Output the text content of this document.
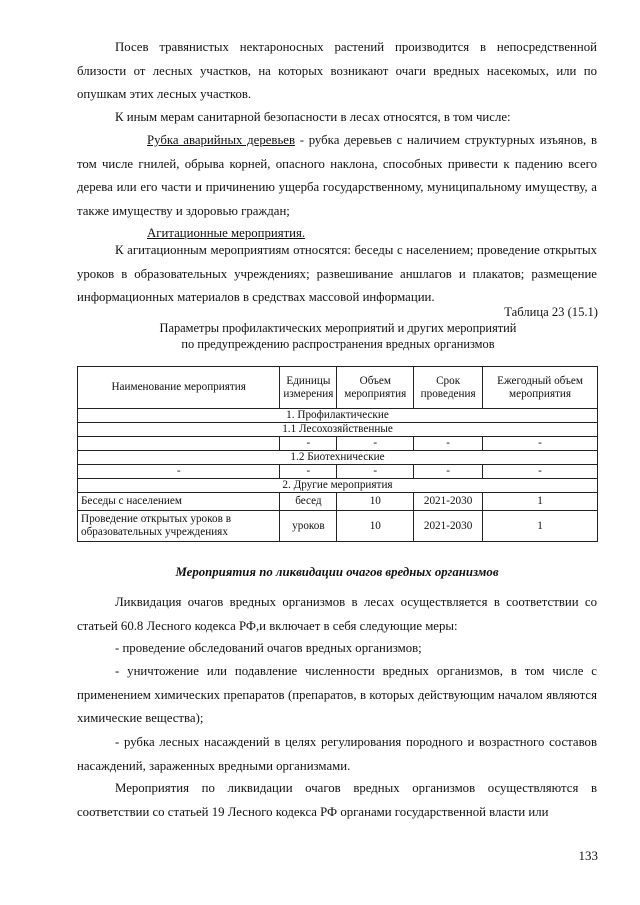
Посев травянистых нектароносных растений производится в непосредственной близости от лесных участков, на которых возникают очаги вредных насекомых, или по опушкам этих лесных участков.
К иным мерам санитарной безопасности в лесах относятся, в том числе:
Рубка аварийных деревьев - рубка деревьев с наличием структурных изъянов, в том числе гнилей, обрыва корней, опасного наклона, способных привести к падению всего дерева или его части и причинению ущерба государственному, муниципальному имуществу, а также имуществу и здоровью граждан;
Агитационные мероприятия.
К агитационным мероприятиям относятся: беседы с населением; проведение открытых уроков в образовательных учреждениях; развешивание аншлагов и плакатов; размещение информационных материалов в средствах массовой информации.
Таблица 23 (15.1)
Параметры профилактических мероприятий и других мероприятий
по предупреждению распространения вредных организмов
Наименование мероприятия	Единицы измерения	Объем мероприятия	Срок проведения	Ежегодный объем мероприятия
1. Профилактические				
1.1 Лесохозяйственные				
	-	-	-	-
1.2 Биотехнические				
-	-	-	-	-
2. Другие мероприятия				
Беседы с населением	бесед	10	2021-2030	1
Проведение открытых уроков в образовательных учреждениях	уроков	10	2021-2030	1
Мероприятия по ликвидации очагов вредных организмов
Ликвидация очагов вредных организмов в лесах осуществляется в соответствии со статьей 60.8 Лесного кодекса РФ,и включает в себя следующие меры:
- проведение обследований очагов вредных организмов;
- уничтожение или подавление численности вредных организмов, в том числе с применением химических препаратов (препаратов, в которых действующим началом являются химические вещества);
- рубка лесных насаждений в целях регулирования породного и возрастного составов насаждений, зараженных вредными организмами.
Мероприятия по ликвидации очагов вредных организмов осуществляются в соответствии со статьей 19 Лесного кодекса РФ органами государственной власти или
133
